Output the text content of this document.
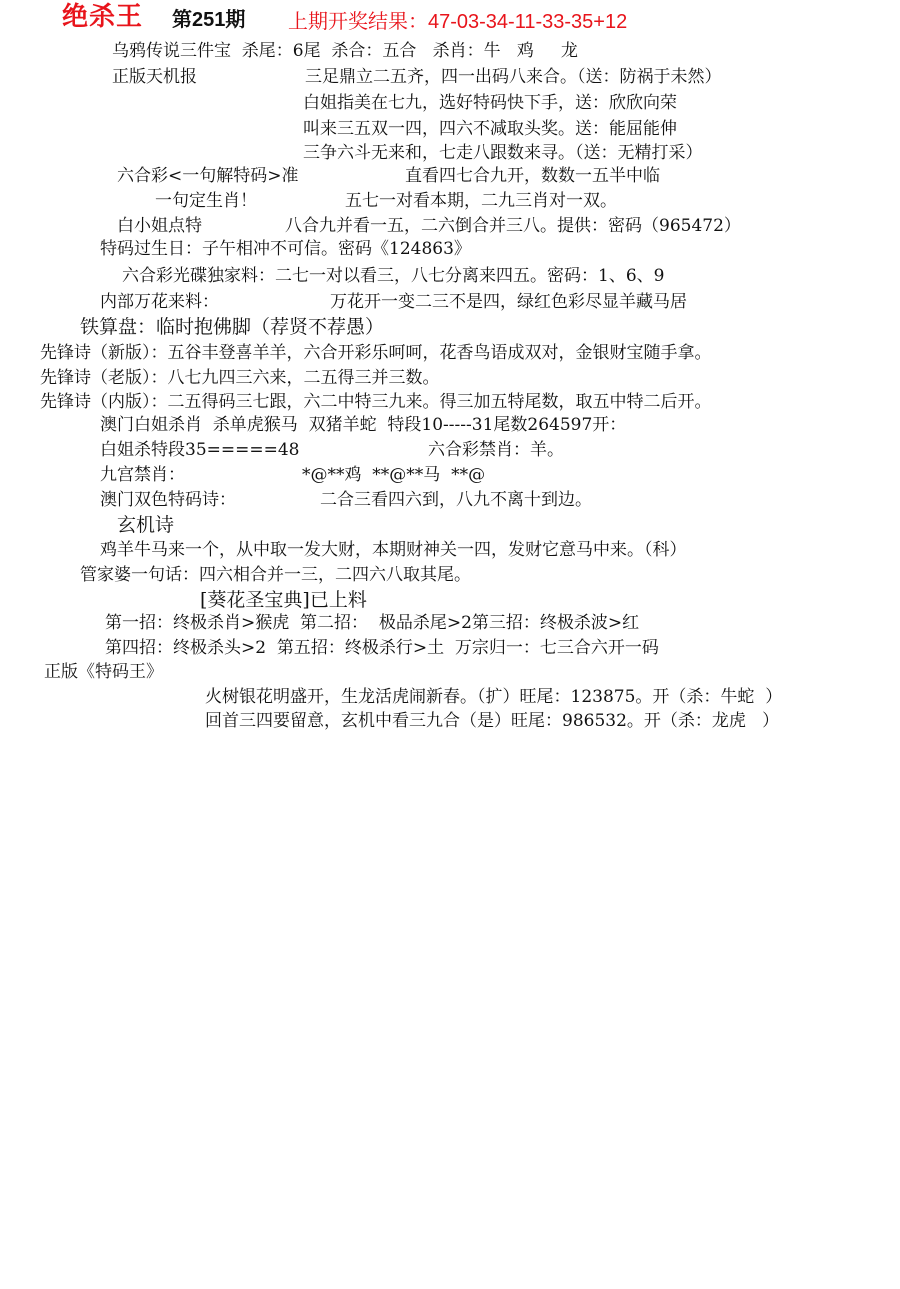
绝杀王 第251期 上期开奖结果：47-03-34-11-33-35+12
乌鸦传说三件宝  杀尾：6尾  杀合：五合   杀肖：牛   鸡     龙
正版天机报	三足鼎立二五齐，四一出码八来合。（送：防祸于未然）
白姐指美在七九，选好特码快下手，送：欣欣向荣
叫来三五双一四，四六不减取头奖。送：能屈能伸
三争六斗无来和，七走八跟数来寻。（送：无精打采）
六合彩<一句解特码>准	直看四七合九开，数数一五半中临
一句定生肖！	五七一对看本期，二九三肖对一双。
白小姐点特	八合九并看一五，二六倒合并三八。提供：密码（965472）
特码过生日：子午相冲不可信。密码《124863》
六合彩光碟独家料：二七一对以看三，八七分离来四五。密码：1、6、9
内部万花来料：	万花开一变二三不是四，绿红色彩尽显羊藏马居
铁算盘：临时抱佛脚（荐贤不荐愚）
先锋诗（新版）：五谷丰登喜羊羊，六合开彩乐呵呵，花香鸟语成双对，金银财宝随手拿。
先锋诗（老版）：八七九四三六来，二五得三并三数。
先锋诗（内版）：二五得码三七跟，六二中特三九来。得三加五特尾数，取五中特二后开。
澳门白姐杀肖  杀单虎猴马  双猪羊蛇  特段10-----31尾数264597开：
白姐杀特段35=====48	六合彩禁肖：羊。
九宫禁肖：	*@**鸡  **@**马  **@
澳门双色特码诗：	二合三看四六到，八九不离十到边。
玄机诗
鸡羊牛马来一个，从中取一发大财，本期财神关一四，发财它意马中来。（科）
管家婆一句话：四六相合并一三，二四六八取其尾。
[葵花圣宝典]已上料
第一招：终极杀肖>猴虎  第二招：  极品杀尾>2第三招：终极杀波>红
第四招：终极杀头>2  第五招：终极杀行>土  万宗归一：七三合六开一码
正版《特码王》
火树银花明盛开，生龙活虎闹新春。（扩）旺尾：123875。开（杀：牛蛇  ）
回首三四要留意，玄机中看三九合（是）旺尾：986532。开（杀：龙虎   ）
